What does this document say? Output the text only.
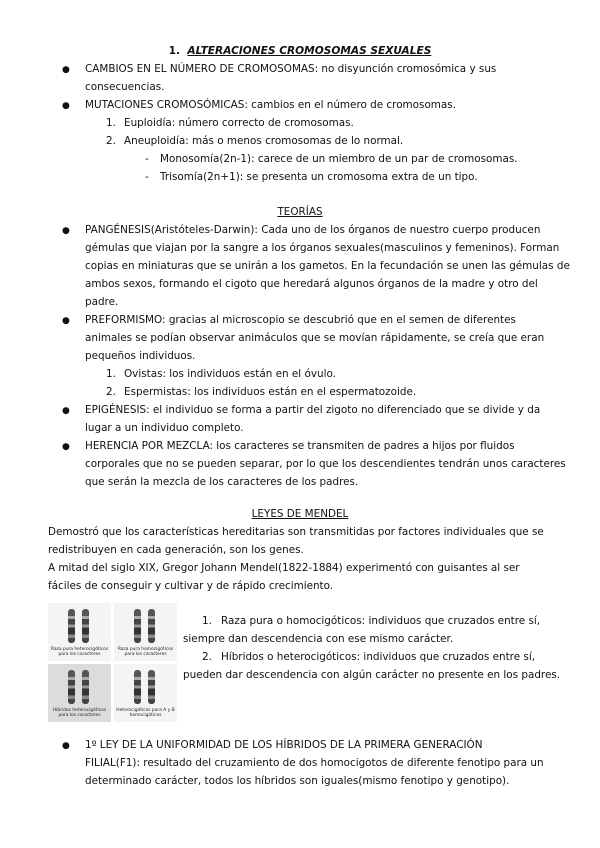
1. ALTERACIONES CROMOSOMAS SEXUALES
● CAMBIOS EN EL NÚMERO DE CROMOSOMAS: no disyunción cromosómica y sus

consecuencias.

● MUTACIONES CROMOSÓMICAS: cambios en el número de cromosomas.

1. Euploidía: número correcto de cromosomas.
2. Aneuploidía: más o menos cromosomas de lo normal.
- Monosomía(2n-1): carece de un miembro de un par de cromosomas.
- Trisomía(2n+1): se presenta un cromosoma extra de un tipo.
TEORÍAS
● PANGÉNESIS(Aristóteles-Darwin): Cada uno de los órganos de nuestro cuerpo producen

gémulas que viajan por la sangre a los órganos sexuales(masculinos y femeninos). Forman

copias en miniaturas que se unirán a los gametos. En la fecundación se unen las gémulas de

ambos sexos, formando el cigoto que heredará algunos órganos de la madre y otro del

padre.

● PREFORMISMO: gracias al microscopio se descubrió que en el semen de diferentes

animales se podían observar animáculos que se movían rápidamente, se creía que eran

pequeños individuos.

1. Ovistas: los individuos están en el óvulo.
2. Espermistas: los individuos están en el espermatozoide.
● EPIGÉNESIS: el individuo se forma a partir del zigoto no diferenciado que se divide y da

lugar a un individuo completo.

● HERENCIA POR MEZCLA: los caracteres se transmiten de padres a hijos por fluidos

corporales que no se pueden separar, por lo que los descendientes tendrán unos caracteres

que serán la mezcla de los caracteres de los padres.

LEYES DE MENDEL

Demostró que los características hereditarias son transmitidas por factores individuales que se

redistribuyen en cada generación, son los genes.

A mitad del siglo XIX, Gregor Johann Mendel(1822-1884) experimentó con guisantes al ser

fáciles de conseguir y cultivar y de rápido crecimiento.

Raza pura heterocigóticos para los caracteres
Raza pura homocigóticos para los caracteres
Híbridos heterocigóticos para los caracteres
Heterocigóticos para A y B homocigóticos
1. Raza pura o homocigóticos: individuos que cruzados entre sí,

siempre dan descendencia con ese mismo carácter.

2. Híbridos o heterocigóticos: individuos que cruzados entre sí,

pueden dar descendencia con algún carácter no presente en los padres.

● 1º LEY DE LA UNIFORMIDAD DE LOS HÍBRIDOS DE LA PRIMERA GENERACIÓN

FILIAL(F1): resultado del cruzamiento de dos homocigotos de diferente fenotipo para un

determinado carácter, todos los híbridos son iguales(mismo fenotipo y genotipo).
